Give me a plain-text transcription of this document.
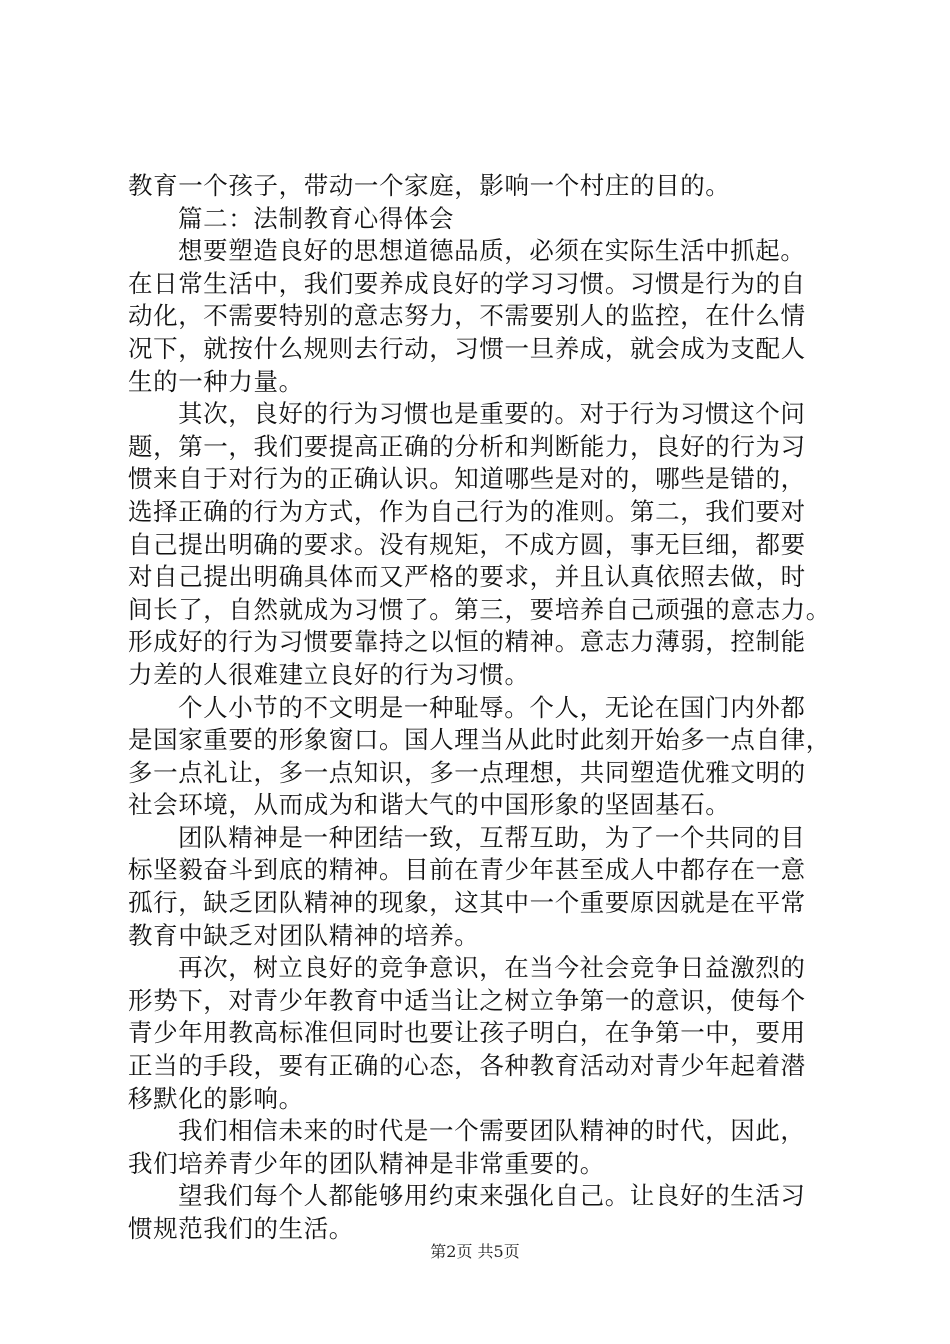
教育一个孩子，带动一个家庭，影响一个村庄的目的。
篇二：法制教育心得体会
想要塑造良好的思想道德品质，必须在实际生活中抓起。
在日常生活中，我们要养成良好的学习习惯。习惯是行为的自
动化，不需要特别的意志努力，不需要别人的监控，在什么情
况下，就按什么规则去行动，习惯一旦养成，就会成为支配人
生的一种力量。
其次，良好的行为习惯也是重要的。对于行为习惯这个问
题，第一，我们要提高正确的分析和判断能力，良好的行为习
惯来自于对行为的正确认识。知道哪些是对的，哪些是错的，
选择正确的行为方式，作为自己行为的准则。第二，我们要对
自己提出明确的要求。没有规矩，不成方圆，事无巨细，都要
对自己提出明确具体而又严格的要求，并且认真依照去做，时
间长了，自然就成为习惯了。第三，要培养自己顽强的意志力。
形成好的行为习惯要靠持之以恒的精神。意志力薄弱，控制能
力差的人很难建立良好的行为习惯。
个人小节的不文明是一种耻辱。个人，无论在国门内外都
是国家重要的形象窗口。国人理当从此时此刻开始多一点自律，
多一点礼让，多一点知识，多一点理想，共同塑造优雅文明的
社会环境，从而成为和谐大气的中国形象的坚固基石。
团队精神是一种团结一致，互帮互助，为了一个共同的目
标坚毅奋斗到底的精神。目前在青少年甚至成人中都存在一意
孤行，缺乏团队精神的现象，这其中一个重要原因就是在平常
教育中缺乏对团队精神的培养。
再次，树立良好的竞争意识，在当今社会竞争日益激烈的
形势下，对青少年教育中适当让之树立争第一的意识，使每个
青少年用教高标准但同时也要让孩子明白，在争第一中，要用
正当的手段，要有正确的心态，各种教育活动对青少年起着潜
移默化的影响。
我们相信未来的时代是一个需要团队精神的时代，因此，
我们培养青少年的团队精神是非常重要的。
望我们每个人都能够用约束来强化自己。让良好的生活习
惯规范我们的生活。
第2页 共5页
